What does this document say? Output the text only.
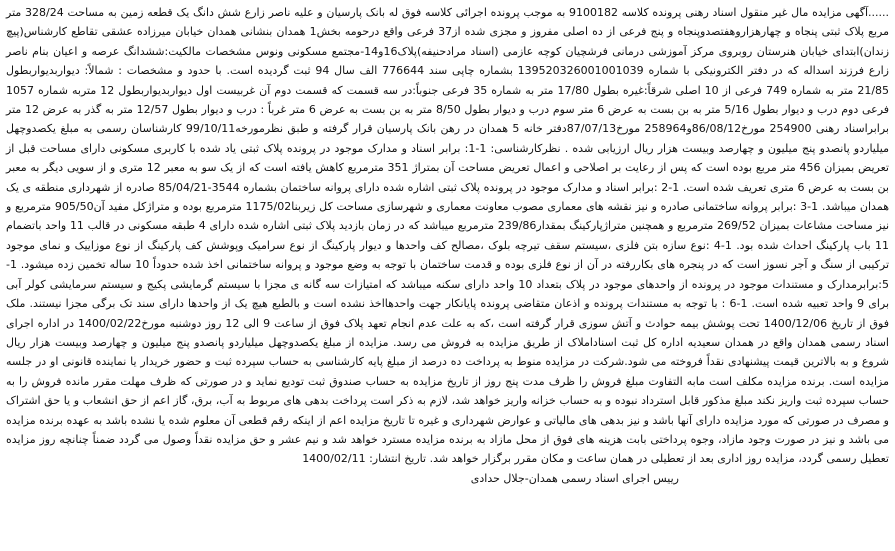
......آگهی مزایده مال غیر منقول اسناد رهنی پرونده کلاسه 9100182 به موجب پرونده اجرائی کلاسه فوق له بانک پارسیان و علیه ناصر زارع شش دانگ یک قطعه زمین به مساحت 328/24 متر مربع پلاک ثبتی پنجاه و چهارهزاروهفتصدوپنجاه و پنج فرعی از ده اصلی مفروز و مجزی شده از37 فرعی واقع درحومه بخش1 همدان بنشانی همدان خیابان میرزاده عشقی تقاطع کارشناس(پیچ زندان)ابتدای خیابان هنرستان روبروی مرکز آموزشی درمانی فرشچیان کوچه عازمی (اسناد مرادحنیفه)پلاک16و14-مجتمع مسکونی ونوس مشخصات مالکیت:ششدانگ عرصه و اعیان بنام ناصر زارع فرزند اسداله که در دفتر الکترونیکی با شماره 13952032600100103‍9 بشماره چاپی سند 776644 الف سال 94 ثبت گردیده است. با حدود و مشخصات : شمالاً: دیواربدیواربطول 21/85 متر به شماره 749 فرعی از 10 اصلی شرقاً:غیره بطول 17/80 متر به شماره 35 فرعی جنوباً:در سه قسمت که قسمت دوم آن غربیست اول دیواربدیواربطول 12 متربه شماره 1057 فرعی دوم درب و دیوار بطول 5/16 متر به بن بست به عرض 6 متر سوم درب و دیوار بطول 8/50 متر به بن بست به عرض 6 متر غرباً : درب و دیوار بطول 12/57 متر به گذر به عرض 12 متر برابراسناد رهنی 254900 مورخ86/08/12و258964 مورخ87/07/13دفتر خانه 5 همدان در رهن بانک پارسیان قرار گرفته و طبق نظرمورخه99/10/11 کارشناسان رسمی به مبلغ یکصدوچهل میلیاردو پانصدو پنج میلیون و چهارصد وبیست هزار ریال ارزیابی شده . نظرکارشناسی: 1-1: برابر اسناد و مدارک موجود در پرونده پلاک ثبتی یاد شده با کاربری مسکونی دارای مساحت قبل از تعریض بمیزان 456 متر مربع بوده است که پس از رعایت بر اصلاحی و اعمال تعریض مساحت آن بمتراژ 351 مترمربع کاهش یافته است که از یک سو به معبر 12 متری و از سویی دیگر به معبر بن بست به عرض 6 متری تعریف شده است. 1-2 :برابر اسناد و مدارک موجود در پرونده پلاک ثبتی اشاره شده دارای پروانه ساختمان بشماره 3544-85/04/21 صادره از شهرداری منطقه ی یک همدان میباشد. 1-3 :برابر پروانه ساختمانی صادره و نیز نقشه های معماری مصوب معاونت معماری و شهرسازی مساحت کل زیربنا1175/02 مترمربع بوده و متراژکل مفید آن905/50 مترمربع و نیز مساحت مشاعات بمیزان 269/52 مترمربع و همچنین متراژپارکینگ بمقدار239/86 مترمربع میباشد که در زمان بازدید پلاک ثبتی اشاره شده دارای 4 طبقه مسکونی در قالب 11 واحد باتضمام 11 باب پارکینگ احداث شده بود. 1-4 :نوع سازه بتن فلزی ،سیستم سقف تیرچه بلوک ،مصالح کف واحدها و دیوار پارکینگ از نوع سرامیک وپوشش کف پارکینگ از نوع موزاییک و نمای موجود ترکیبی از سنگ و آجر نسوز است که در پنجره های بکاررفته در آن از نوع فلزی بوده و قدمت ساختمان با توجه به وضع موجود و پروانه ساختمانی اخذ شده حدوداً 10 ساله تخمین زده میشود. 1-5:برابرمدارک و مستندات موجود در پرونده از واحدهای موجود در پلاک بتعداد 10 واحد دارای سکنه میباشد که امتیازات سه گانه ی مجزا با سیستم گرمایشی پکیج و سیستم سرمایشی کولر آبی برای 9 واحد تعبیه شده است. 1-6 : با توجه به مستندات پرونده و اذعان متقاضی پرونده پایانکار جهت واحدهااخذ نشده است و بالطبع هیچ یک از واحدها دارای سند تک برگی مجزا نیستند. ملک فوق از تاریخ 1400/12/06 تحت پوشش بیمه حوادث و آتش سوزی قرار گرفته است ،که به علت عدم انجام تعهد پلاک فوق از ساعت 9 الی 12 روز دوشنبه مورخ1400/02/22 در اداره اجرای اسناد رسمی همدان واقع در همدان سعیدیه اداره کل ثبت اسناداملاک از طریق مزایده به فروش می رسد. مزایده از مبلغ یکصدوچهل میلیاردو پانصدو پنج میلیون و چهارصد وبیست هزار ریال شروع و به بالاترین قیمت پیشنهادی نقداً فروخته می شود.شرکت در مزایده منوط به پرداخت ده درصد از مبلغ پایه کارشناسی به حساب سپرده ثبت و حضور خریدار یا نماینده قانونی او در جلسه مزایده است. برنده مزایده مکلف است مابه التفاوت مبلغ فروش را ظرف مدت پنج روز از تاریخ مزایده به حساب صندوق ثبت تودیع نماید و در صورتی که ظرف مهلت مقرر مانده فروش را به حساب سپرده ثبت واریز نکند مبلغ مذکور قابل استرداد نبوده و به حساب خزانه واریز خواهد شد، لازم به ذکر است پرداخت بدهی های مربوط به آب، برق، گاز اعم از حق انشعاب و یا حق اشتراک و مصرف در صورتی که مورد مزایده دارای آنها باشد و نیز بدهی های مالیاتی و عوارض شهرداری و غیره تا تاریخ مزایده اعم از اینکه رقم قطعی آن معلوم شده یا نشده باشد به عهده برنده مزایده می باشد و نیز در صورت وجود مازاد، وجوه پرداختی بابت هزینه های فوق از محل مازاد به برنده مزایده مسترد خواهد شد و نیم عشر و حق مزایده نقداً وصول می گردد ضمناً چنانچه روز مزایده تعطیل رسمی گردد، مزایده روز اداری بعد از تعطیلی در همان ساعت و مکان مقرر برگزار خواهد شد. تاریخ انتشار: 1400/02/11

رییس اجرای اسناد رسمی همدان-جلال حدادی
